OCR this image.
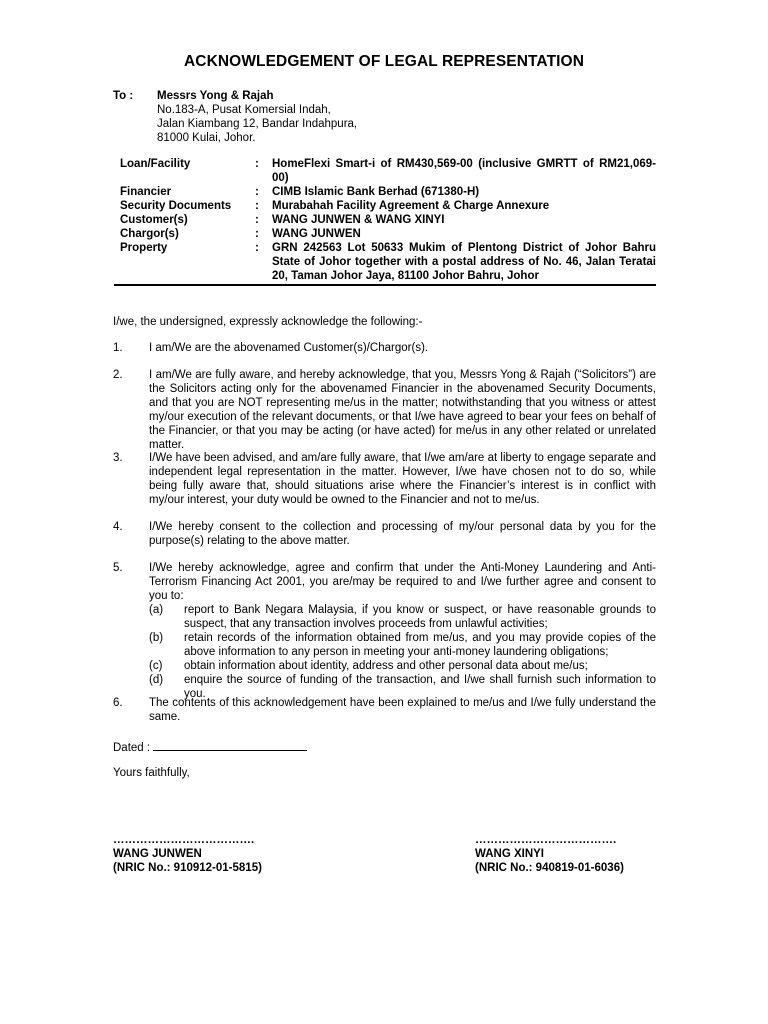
ACKNOWLEDGEMENT OF LEGAL REPRESENTATION
To : Messrs Yong & Rajah
No.183-A, Pusat Komersial Indah,
Jalan Kiambang 12, Bandar Indahpura,
81000 Kulai, Johor.
Loan/Facility	:	HomeFlexi Smart-i of RM430,569-00 (inclusive GMRTT of RM21,069-00)
Financier	:	CIMB Islamic Bank Berhad (671380-H)
Security Documents	:	Murabahah Facility Agreement & Charge Annexure
Customer(s)	:	WANG JUNWEN & WANG XINYI
Chargor(s)	:	WANG JUNWEN
Property	:	GRN 242563 Lot 50633 Mukim of Plentong District of Johor Bahru State of Johor together with a postal address of No. 46, Jalan Teratai 20, Taman Johor Jaya, 81100 Johor Bahru, Johor
I/we, the undersigned, expressly acknowledge the following:-
1.	I am/We are the abovenamed Customer(s)/Chargor(s).
2.	I am/We are fully aware, and hereby acknowledge, that you, Messrs Yong & Rajah (“Solicitors”) are the Solicitors acting only for the abovenamed Financier in the abovenamed Security Documents, and that you are NOT representing me/us in the matter; notwithstanding that you witness or attest my/our execution of the relevant documents, or that I/we have agreed to bear your fees on behalf of the Financier, or that you may be acting (or have acted) for me/us in any other related or unrelated matter.
3.	I/We have been advised, and am/are fully aware, that I/we am/are at liberty to engage separate and independent legal representation in the matter. However, I/we have chosen not to do so, while being fully aware that, should situations arise where the Financier’s interest is in conflict with my/our interest, your duty would be owned to the Financier and not to me/us.
4.	I/We hereby consent to the collection and processing of my/our personal data by you for the purpose(s) relating to the above matter.
5.	I/We hereby acknowledge, agree and confirm that under the Anti-Money Laundering and Anti-Terrorism Financing Act 2001, you are/may be required to and I/we further agree and consent to you to:
(a)	report to Bank Negara Malaysia, if you know or suspect, or have reasonable grounds to suspect, that any transaction involves proceeds from unlawful activities;
(b)	retain records of the information obtained from me/us, and you may provide copies of the above information to any person in meeting your anti-money laundering obligations;
(c)	obtain information about identity, address and other personal data about me/us;
(d)	enquire the source of funding of the transaction, and I/we shall furnish such information to you.
6.	The contents of this acknowledgement have been explained to me/us and I/we fully understand the same.
Dated :
Yours faithfully,
……………………………….
WANG JUNWEN
(NRIC No.: 910912-01-5815)
……………………………….
WANG XINYI
(NRIC No.: 940819-01-6036)
